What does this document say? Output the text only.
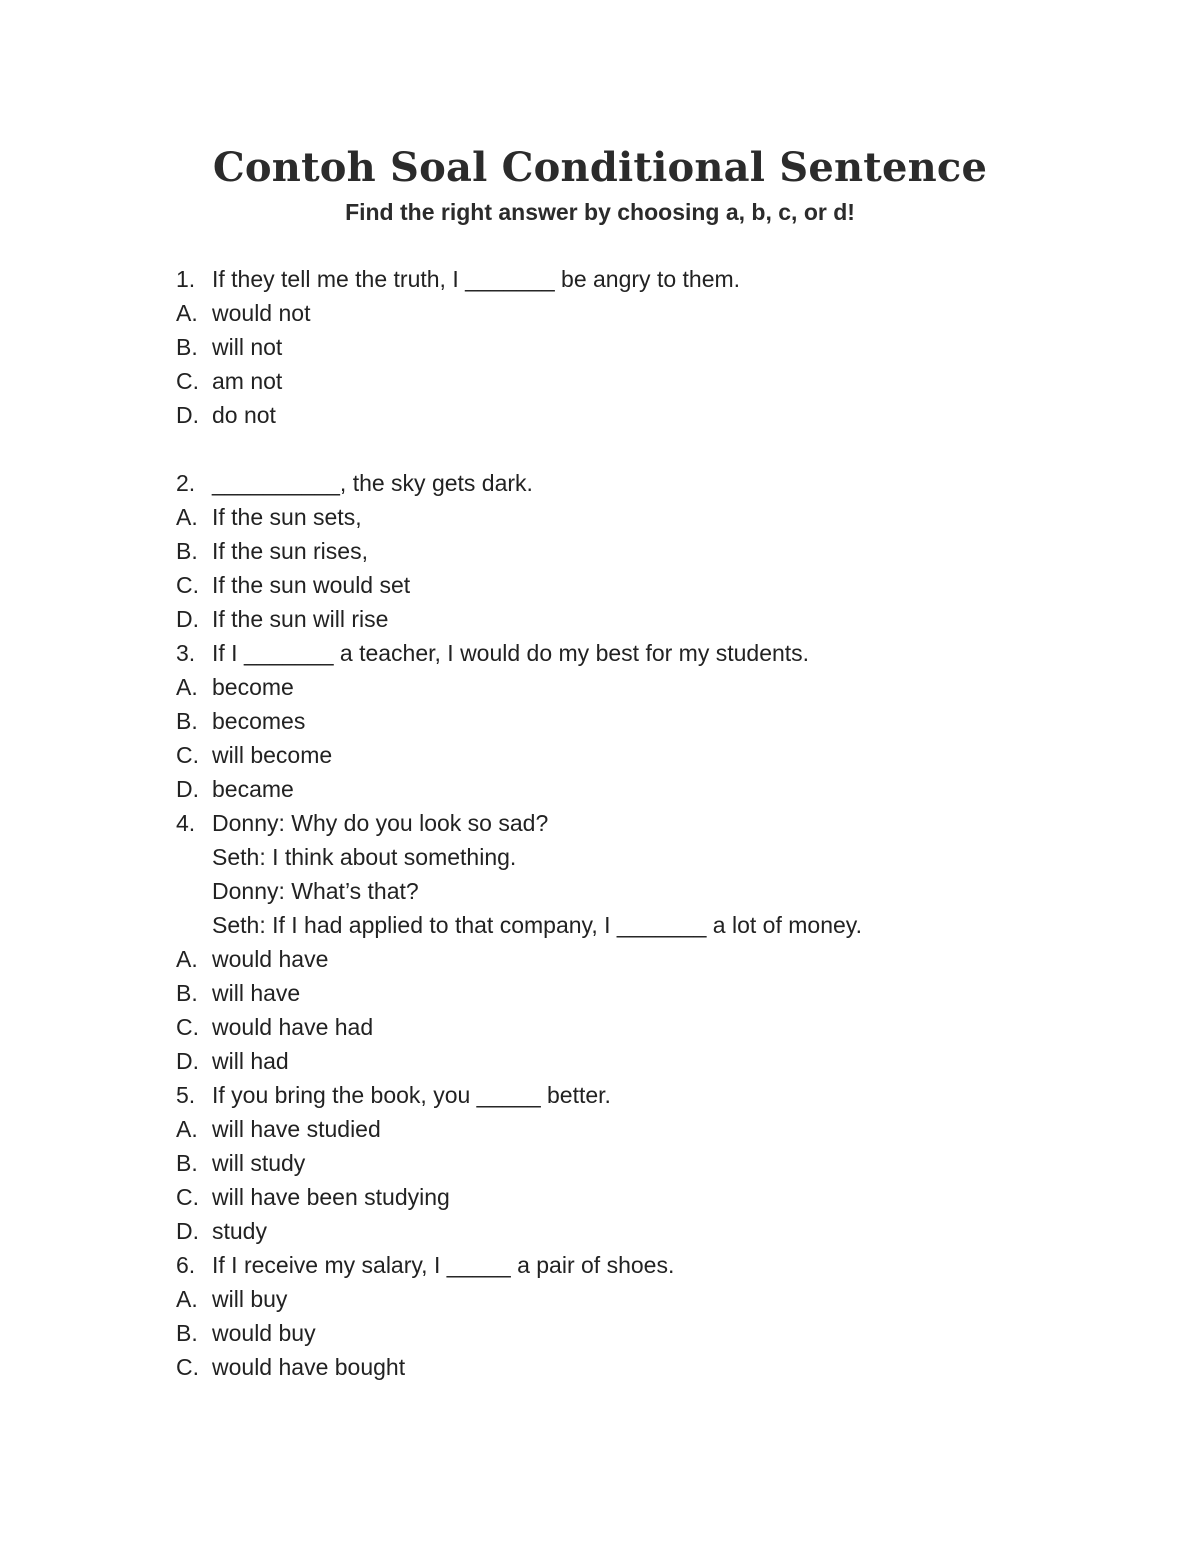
Contoh Soal Conditional Sentence
Find the right answer by choosing a, b, c, or d!
1. If they tell me the truth, I _______ be angry to them.
A. would not
B. will not
C. am not
D. do not
2. __________, the sky gets dark.
A. If the sun sets,
B. If the sun rises,
C. If the sun would set
D. If the sun will rise
3. If I _______ a teacher, I would do my best for my students.
A. become
B. becomes
C. will become
D. became
4. Donny: Why do you look so sad?
Seth: I think about something.
Donny: What’s that?
Seth: If I had applied to that company, I _______ a lot of money.
A. would have
B. will have
C. would have had
D. will had
5. If you bring the book, you _____ better.
A. will have studied
B. will study
C. will have been studying
D. study
6. If I receive my salary, I _____ a pair of shoes.
A. will buy
B. would buy
C. would have bought
